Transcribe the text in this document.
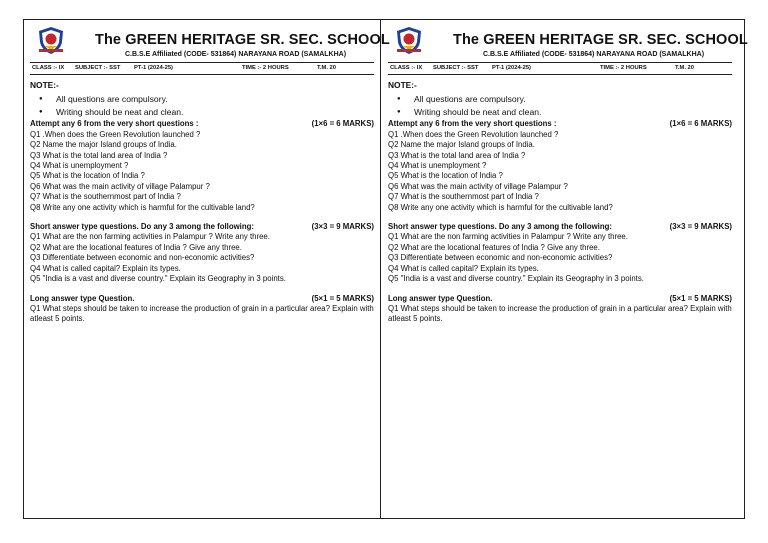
The GREEN HERITAGE SR. SEC. SCHOOL
C.B.S.E Affiliated (CODE- 531864) NARAYANA ROAD (SAMALKHA)
CLASS :- IX SUBJECT :- SST PT-1 (2024-25)	TIME :- 2 HOURS	T.M. 20
NOTE:-
● All questions are compulsory.
● Writing should be neat and clean.
Attempt any 6 from the very short questions :	(1×6 = 6 MARKS)
Q1 .When does the Green Revolution launched ?
Q2 Name the major Island groups of India.
Q3 What is the total land area of India ?
Q4 What is unemployment ?
Q5 What is the location of India ?
Q6 What was the main activity of village Palampur ?
Q7 What is the southernmost part of India ?
Q8 Write any one activity which is harmful for the cultivable land?
Short answer type questions. Do any 3 among the following:	(3×3 = 9 MARKS)
Q1 What are the non farming activities in Palampur ? Write any three.
Q2 What are the locational features of India ? Give any three.
Q3 Differentiate between economic and non-economic activities?
Q4 What is called capital? Explain its types.
Q5 "India is a vast and diverse country." Explain its Geography in 3 points.
Long answer type Question.	(5×1 = 5 MARKS)
Q1 What steps should be taken to increase the production of grain in a particular area? Explain with atleast 5 points.
The GREEN HERITAGE SR. SEC. SCHOOL
C.B.S.E Affiliated (CODE- 531864) NARAYANA ROAD (SAMALKHA)
CLASS :- IX SUBJECT :- SST PT-1 (2024-25)	TIME :- 2 HOURS	T.M. 20
NOTE:-
● All questions are compulsory.
● Writing should be neat and clean.
Attempt any 6 from the very short questions :	(1×6 = 6 MARKS)
Q1 .When does the Green Revolution launched ?
Q2 Name the major Island groups of India.
Q3 What is the total land area of India ?
Q4 What is unemployment ?
Q5 What is the location of India ?
Q6 What was the main activity of village Palampur ?
Q7 What is the southernmost part of India ?
Q8 Write any one activity which is harmful for the cultivable land?
Short answer type questions. Do any 3 among the following:	(3×3 = 9 MARKS)
Q1 What are the non farming activities in Palampur ? Write any three.
Q2 What are the locational features of India ? Give any three.
Q3 Differentiate between economic and non-economic activities?
Q4 What is called capital? Explain its types.
Q5 "India is a vast and diverse country." Explain its Geography in 3 points.
Long answer type Question.	(5×1 = 5 MARKS)
Q1 What steps should be taken to increase the production of grain in a particular area? Explain with atleast 5 points.
